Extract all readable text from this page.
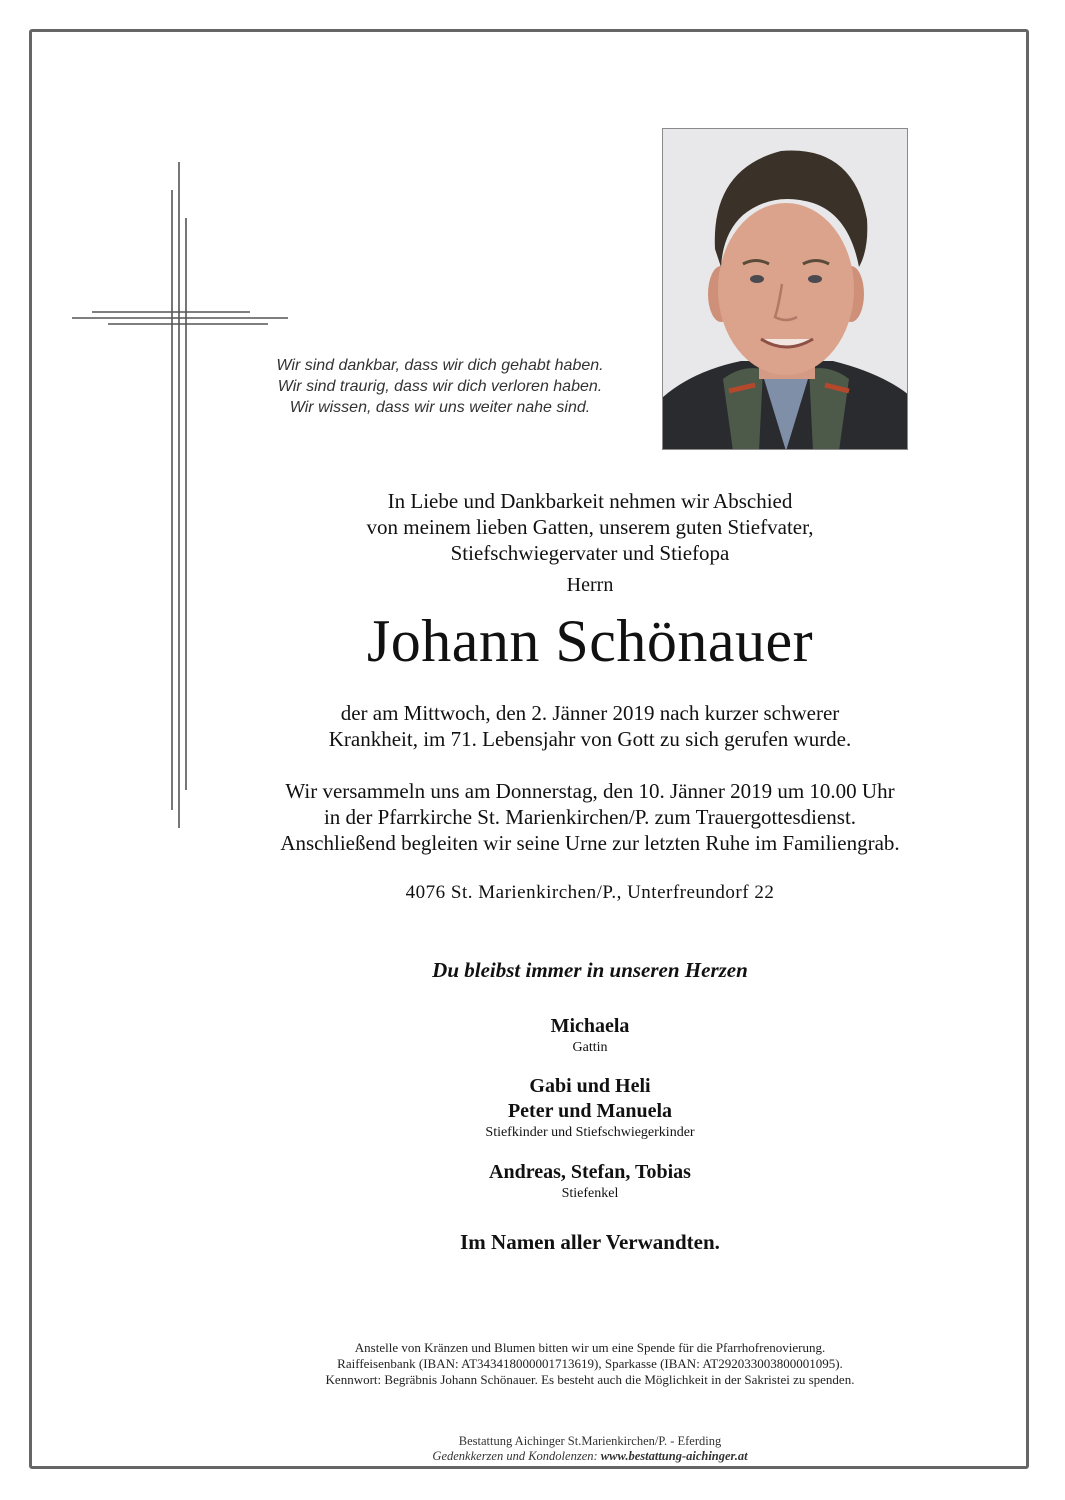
Wir sind dankbar, dass wir dich gehabt haben.
Wir sind traurig, dass wir dich verloren haben.
Wir wissen, dass wir uns weiter nahe sind.
In Liebe und Dankbarkeit nehmen wir Abschied
von meinem lieben Gatten, unserem guten Stiefvater,
Stiefschwiegervater und Stiefopa
Herrn
Johann Schönauer
der am Mittwoch, den 2. Jänner 2019 nach kurzer schwerer
Krankheit, im 71. Lebensjahr von Gott zu sich gerufen wurde.
Wir versammeln uns am Donnerstag, den 10. Jänner 2019 um 10.00 Uhr
in der Pfarrkirche St. Marienkirchen/P. zum Trauergottesdienst.
Anschließend begleiten wir seine Urne zur letzten Ruhe im Familiengrab.
4076 St. Marienkirchen/P., Unterfreundorf 22
Du bleibst immer in unseren Herzen
Michaela
Gattin
Gabi und Heli
Peter und Manuela
Stiefkinder und Stiefschwiegerkinder
Andreas, Stefan, Tobias
Stiefenkel
Im Namen aller Verwandten.
Anstelle von Kränzen und Blumen bitten wir um eine Spende für die Pfarrhofrenovierung.
Raiffeisenbank (IBAN: AT343418000001713619), Sparkasse (IBAN: AT292033003800001095).
Kennwort: Begräbnis Johann Schönauer. Es besteht auch die Möglichkeit in der Sakristei zu spenden.
Bestattung Aichinger St.Marienkirchen/P. - Eferding
Gedenkkerzen und Kondolenzen: www.bestattung-aichinger.at
